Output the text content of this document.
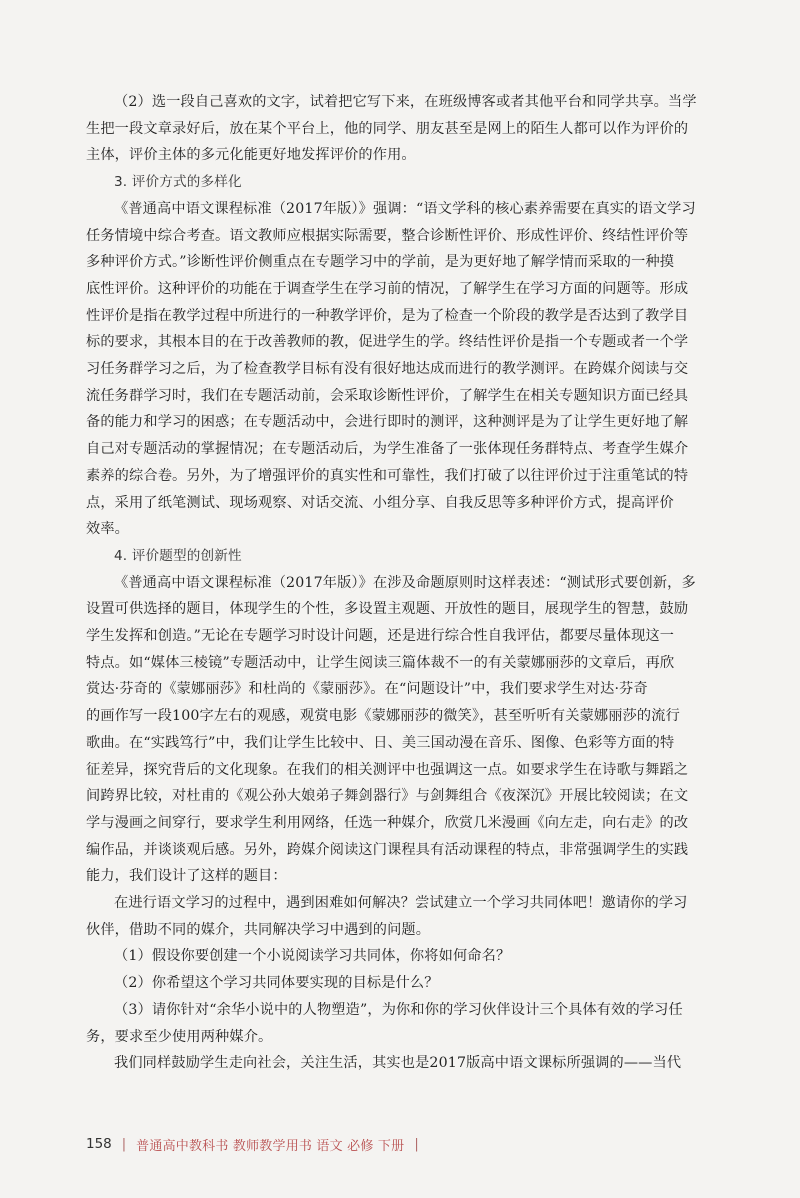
（2）选一段自己喜欢的文字，试着把它写下来，在班级博客或者其他平台和同学共享。当学
生把一段文章录好后，放在某个平台上，他的同学、朋友甚至是网上的陌生人都可以作为评价的
主体，评价主体的多元化能更好地发挥评价的作用。
3. 评价方式的多样化
《普通高中语文课程标准（2017年版）》强调：“语文学科的核心素养需要在真实的语文学习
任务情境中综合考查。语文教师应根据实际需要，整合诊断性评价、形成性评价、终结性评价等
多种评价方式。”诊断性评价侧重点在专题学习中的学前，是为更好地了解学情而采取的一种摸
底性评价。这种评价的功能在于调查学生在学习前的情况，了解学生在学习方面的问题等。形成
性评价是指在教学过程中所进行的一种教学评价，是为了检查一个阶段的教学是否达到了教学目
标的要求，其根本目的在于改善教师的教，促进学生的学。终结性评价是指一个专题或者一个学
习任务群学习之后，为了检查教学目标有没有很好地达成而进行的教学测评。在跨媒介阅读与交
流任务群学习时，我们在专题活动前，会采取诊断性评价，了解学生在相关专题知识方面已经具
备的能力和学习的困惑；在专题活动中，会进行即时的测评，这种测评是为了让学生更好地了解
自己对专题活动的掌握情况；在专题活动后，为学生准备了一张体现任务群特点、考查学生媒介
素养的综合卷。另外，为了增强评价的真实性和可靠性，我们打破了以往评价过于注重笔试的特
点，采用了纸笔测试、现场观察、对话交流、小组分享、自我反思等多种评价方式，提高评价
效率。
4. 评价题型的创新性
《普通高中语文课程标准（2017年版）》在涉及命题原则时这样表述：“测试形式要创新，多
设置可供选择的题目，体现学生的个性，多设置主观题、开放性的题目，展现学生的智慧，鼓励
学生发挥和创造。”无论在专题学习时设计问题，还是进行综合性自我评估，都要尽量体现这一
特点。如“媒体三棱镜”专题活动中，让学生阅读三篇体裁不一的有关蒙娜丽莎的文章后，再欣
赏达·芬奇的《蒙娜丽莎》和杜尚的《蒙丽莎》。在“问题设计”中，我们要求学生对达·芬奇
的画作写一段100字左右的观感，观赏电影《蒙娜丽莎的微笑》，甚至听听有关蒙娜丽莎的流行
歌曲。在“实践笃行”中，我们让学生比较中、日、美三国动漫在音乐、图像、色彩等方面的特
征差异，探究背后的文化现象。在我们的相关测评中也强调这一点。如要求学生在诗歌与舞蹈之
间跨界比较，对杜甫的《观公孙大娘弟子舞剑器行》与剑舞组合《夜深沉》开展比较阅读；在文
学与漫画之间穿行，要求学生利用网络，任选一种媒介，欣赏几米漫画《向左走，向右走》的改
编作品，并谈谈观后感。另外，跨媒介阅读这门课程具有活动课程的特点，非常强调学生的实践
能力，我们设计了这样的题目：
在进行语文学习的过程中，遇到困难如何解决？尝试建立一个学习共同体吧！邀请你的学习
伙伴，借助不同的媒介，共同解决学习中遇到的问题。
（1）假设你要创建一个小说阅读学习共同体，你将如何命名？
（2）你希望这个学习共同体要实现的目标是什么？
（3）请你针对“余华小说中的人物塑造”，为你和你的学习伙伴设计三个具体有效的学习任
务，要求至少使用两种媒介。
我们同样鼓励学生走向社会，关注生活，其实也是2017版高中语文课标所强调的——当代
158 | 普通高中教科书 教师教学用书 语文 必修 下册 |
